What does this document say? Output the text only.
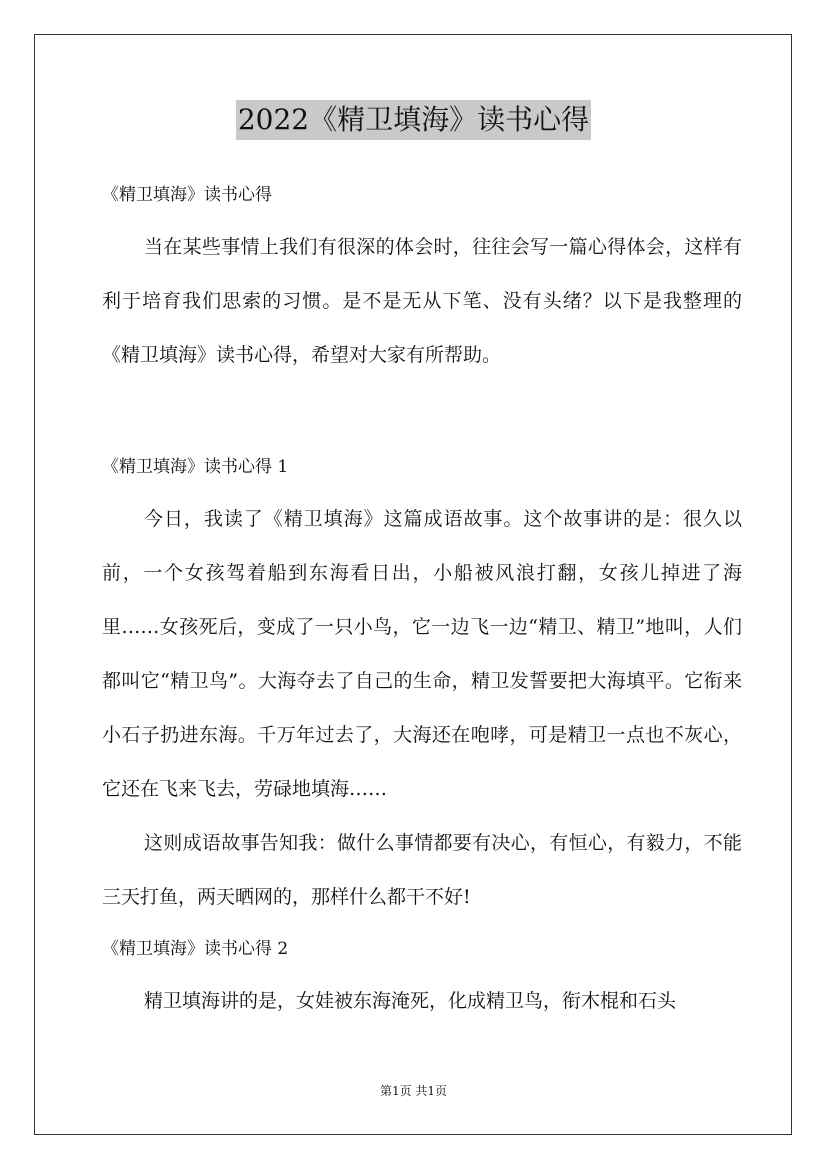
2022《精卫填海》读书心得

《精卫填海》读书心得

当在某些事情上我们有很深的体会时，往往会写一篇心得体会，这样有利于培育我们思索的习惯。是不是无从下笔、没有头绪？以下是我整理的《精卫填海》读书心得，希望对大家有所帮助。

《精卫填海》读书心得 1

今日，我读了《精卫填海》这篇成语故事。这个故事讲的是：很久以前，一个女孩驾着船到东海看日出，小船被风浪打翻，女孩儿掉进了海里……女孩死后，变成了一只小鸟，它一边飞一边“精卫、精卫”地叫，人们都叫它“精卫鸟”。大海夺去了自己的生命，精卫发誓要把大海填平。它衔来小石子扔进东海。千万年过去了，大海还在咆哮，可是精卫一点也不灰心，它还在飞来飞去，劳碌地填海……

这则成语故事告知我：做什么事情都要有决心，有恒心，有毅力，不能三天打鱼，两天晒网的，那样什么都干不好!

《精卫填海》读书心得 2

精卫填海讲的是，女娃被东海淹死，化成精卫鸟，衔木棍和石头

第1页 共1页
